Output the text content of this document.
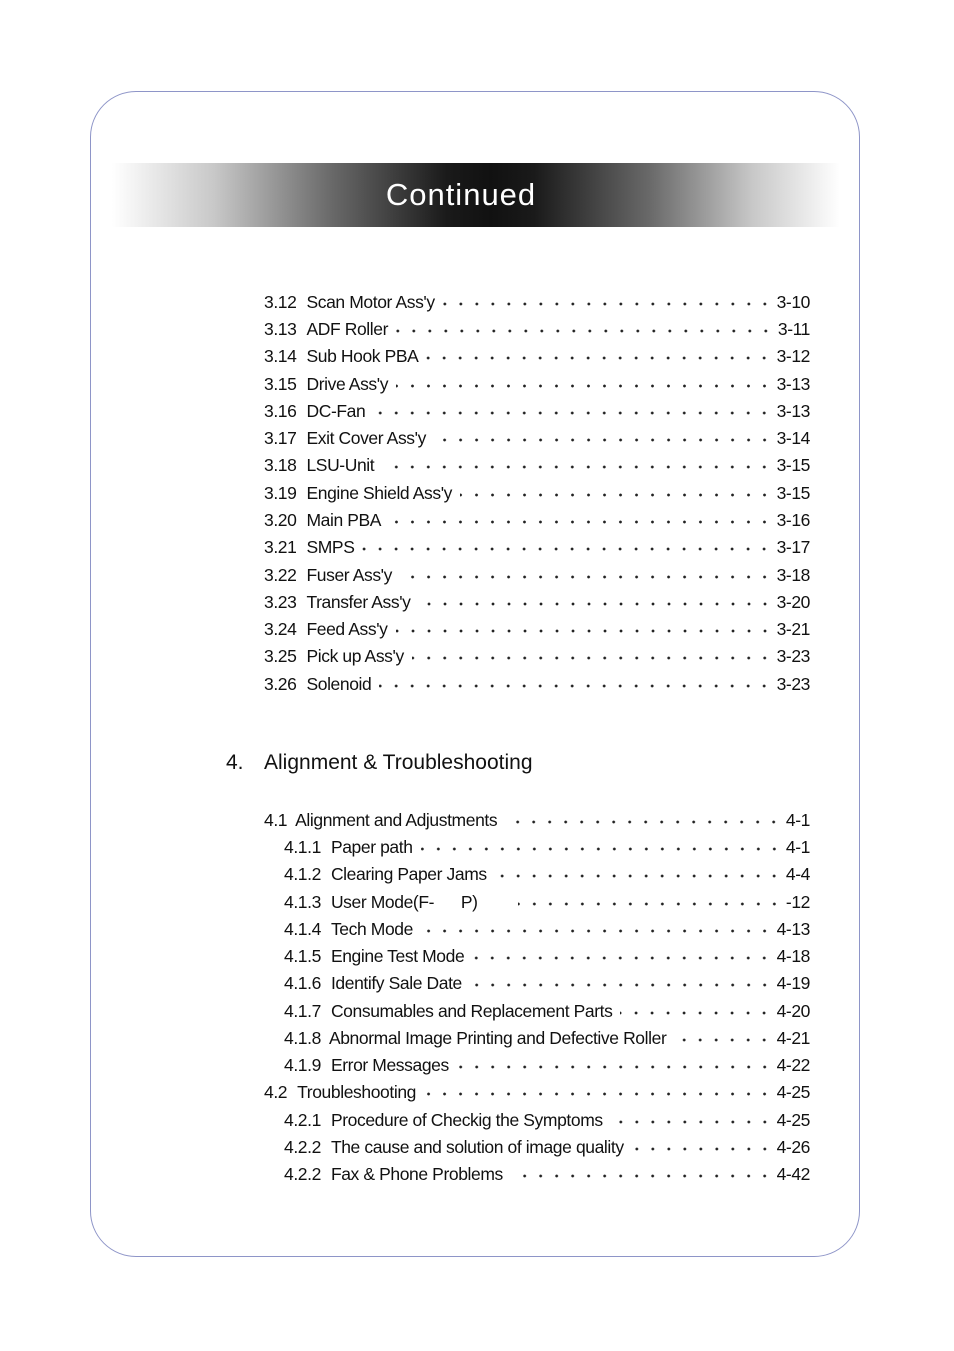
Continued
3.12 Scan Motor Ass'y	3-10
3.13 ADF Roller	3-11
3.14 Sub Hook PBA	3-12
3.15 Drive Ass'y	3-13
3.16 DC-Fan	3-13
3.17 Exit Cover Ass'y	3-14
3.18 LSU-Unit	3-15
3.19 Engine Shield Ass'y	3-15
3.20 Main PBA	3-16
3.21 SMPS	3-17
3.22 Fuser Ass'y	3-18
3.23 Transfer Ass'y	3-20
3.24 Feed Ass'y	3-21
3.25 Pick up Ass'y	3-23
3.26 Solenoid	3-23
4. Alignment & Troubleshooting
4.1 Alignment and Adjustments	4-1
4.1.1 Paper path	4-1
4.1.2 Clearing Paper Jams	4-4
4.1.3 User Mode(F-      P)	-12
4.1.4 Tech Mode	4-13
4.1.5 Engine Test Mode	4-18
4.1.6 Identify Sale Date	4-19
4.1.7 Consumables and Replacement Parts	4-20
4.1.8 Abnormal Image Printing and Defective Roller	4-21
4.1.9 Error Messages	4-22
4.2 Troubleshooting	4-25
4.2.1 Procedure of Checkig the Symptoms	4-25
4.2.2 The cause and solution of image quality	4-26
4.2.2 Fax & Phone Problems	4-42
